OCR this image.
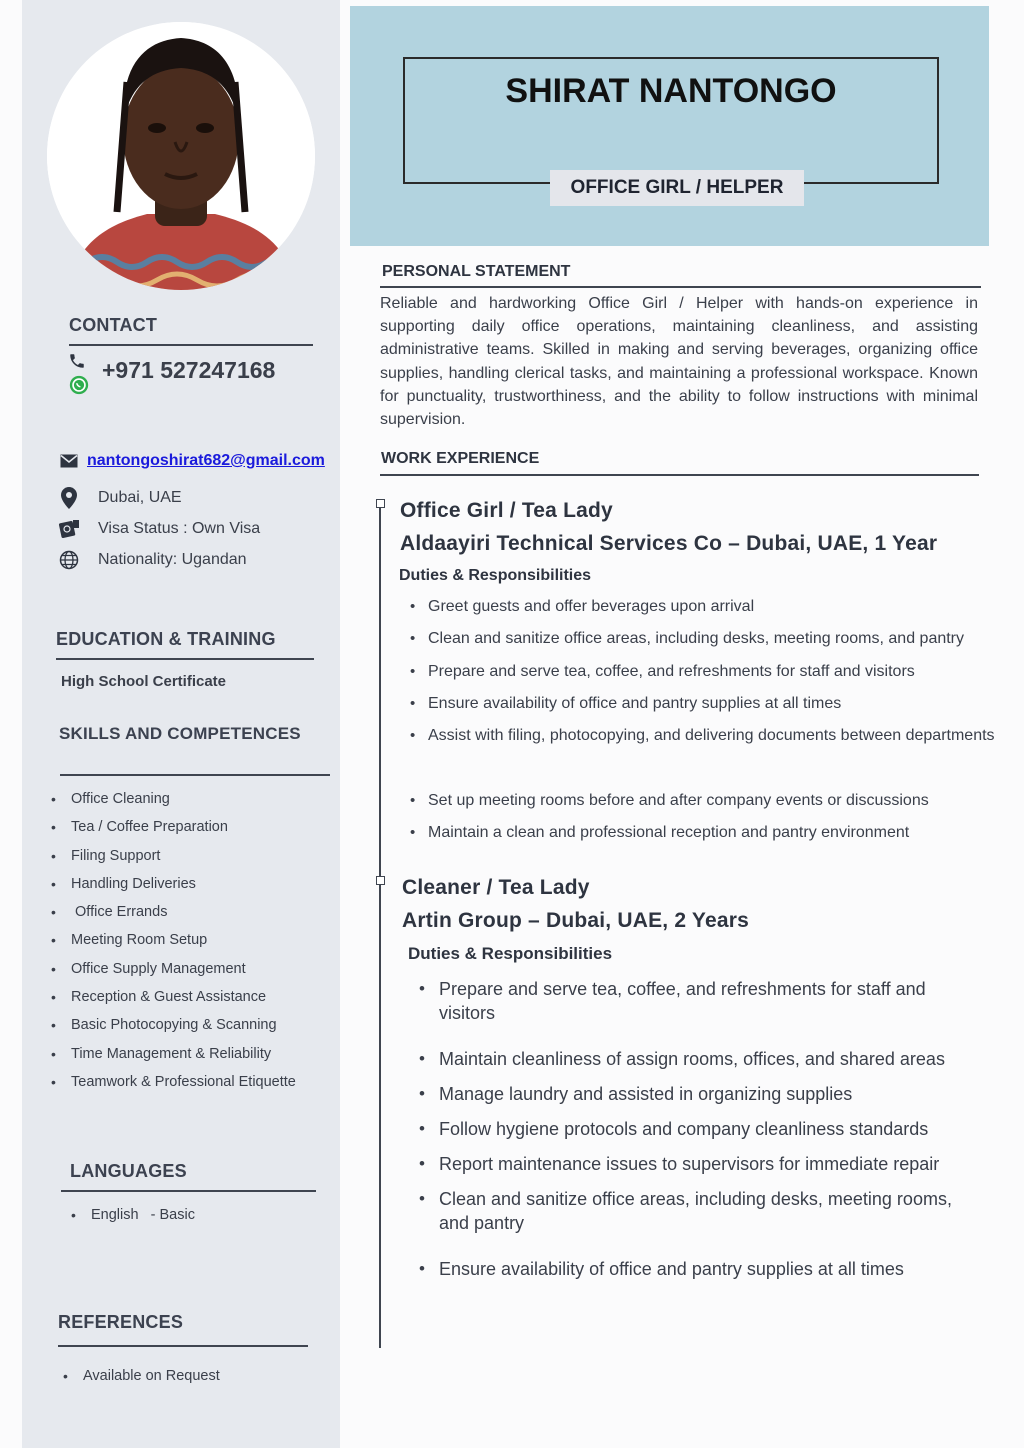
CONTACT
+971 527247168
nantongoshirat682@gmail.com
Dubai, UAE
Visa Status : Own Visa
Nationality: Ugandan
EDUCATION & TRAINING
High School Certificate
SKILLS AND COMPETENCES
• Office Cleaning
• Tea / Coffee Preparation
• Filing Support
• Handling Deliveries
•  Office Errands
• Meeting Room Setup
• Office Supply Management
• Reception & Guest Assistance
• Basic Photocopying & Scanning
• Time Management & Reliability
• Teamwork & Professional Etiquette
LANGUAGES
• English   - Basic
REFERENCES
• Available on Request
SHIRAT NANTONGO
OFFICE GIRL / HELPER
PERSONAL STATEMENT
Reliable and hardworking Office Girl / Helper with hands-on experience in supporting daily office operations, maintaining cleanliness, and assisting administrative teams. Skilled in making and serving beverages, organizing office supplies, handling clerical tasks, and maintaining a professional workspace. Known for punctuality, trustworthiness, and the ability to follow instructions with minimal supervision.
WORK EXPERIENCE
Office Girl / Tea Lady
Aldaayiri Technical Services Co – Dubai, UAE, 1 Year
Duties & Responsibilities
• Greet guests and offer beverages upon arrival
• Clean and sanitize office areas, including desks, meeting rooms, and pantry
• Prepare and serve tea, coffee, and refreshments for staff and visitors
• Ensure availability of office and pantry supplies at all times
• Assist with filing, photocopying, and delivering documents between departments
• Set up meeting rooms before and after company events or discussions
• Maintain a clean and professional reception and pantry environment
Cleaner / Tea Lady
Artin Group – Dubai, UAE, 2 Years
Duties & Responsibilities
• Prepare and serve tea, coffee, and refreshments for staff and visitors
• Maintain cleanliness of assign rooms, offices, and shared areas
• Manage laundry and assisted in organizing supplies
• Follow hygiene protocols and company cleanliness standards
• Report maintenance issues to supervisors for immediate repair
• Clean and sanitize office areas, including desks, meeting rooms, and pantry
• Ensure availability of office and pantry supplies at all times
